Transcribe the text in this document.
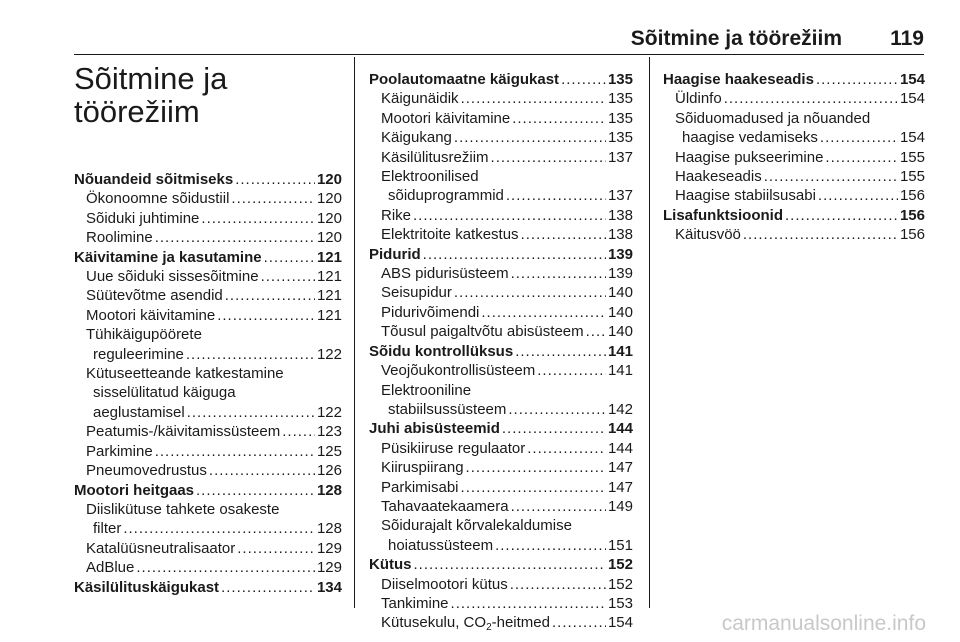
Sõitmine ja töörežiim 119
Sõitmine ja
töörežiim
Nõuandeid sõitmiseks .....	120
Ökonoomne sõidustiil .....	120
Sõiduki juhtimine .....	120
Roolimine .....	120
Käivitamine ja kasutamine .....	121
Uue sõiduki sissesõitmine .....	121
Süütevõtme asendid .....	121
Mootori käivitamine .....	121
Tühikäigupöörete
reguleerimine .....	122
Kütuseetteande katkestamine
sisselülitatud käiguga
aeglustamisel .....	122
Peatumis-/käivitamissüsteem ..... 123
Parkimine .....	125
Pneumovedrustus .....	126
Mootori heitgaas .....	128
Diislikütuse tahkete osakeste
filter .....	128
Katalüüsneutralisaator .....	129
AdBlue .....	129
Käsilülituskäigukast .....	134
Poolautomaatne käigukast .....	135
Käigunäidik .....	135
Mootori käivitamine .....	135
Käigukang .....	135
Käsilülitusrežiim .....	137
Elektroonilised
sõiduprogrammid .....	137
Rike .....	138
Elektritoite katkestus .....	138
Pidurid .....	139
ABS pidurisüsteem .....	139
Seisupidur .....	140
Pidurivõimendi .....	140
Tõusul paigaltvõtu abisüsteem ..... 140
Sõidu kontrollüksus .....	141
Veojõukontrollisüsteem .....	141
Elektrooniline
stabiilsussüsteem .....	142
Juhi abisüsteemid .....	144
Püsikiiruse regulaator .....	144
Kiiruspiirang .....	147
Parkimisabi .....	147
Tahavaatekaamera .....	149
Sõidurajalt kõrvalekaldumise
hoiatussüsteem .....	151
Kütus .....	152
Diiselmootori kütus .....	152
Tankimine .....	153
Kütusekulu, $CO_2$-heitmed .....	154
Haagise haakeseadis .....	154
Üldinfo .....	154
Sõiduomadused ja nõuanded
haagise vedamiseks .....	154
Haagise pukseerimine .....	155
Haakeseadis .....	155
Haagise stabiilsusabi .....	156
Lisafunktsioonid .....	156
Käitusvöö .....	156
carmanualsonline.info
